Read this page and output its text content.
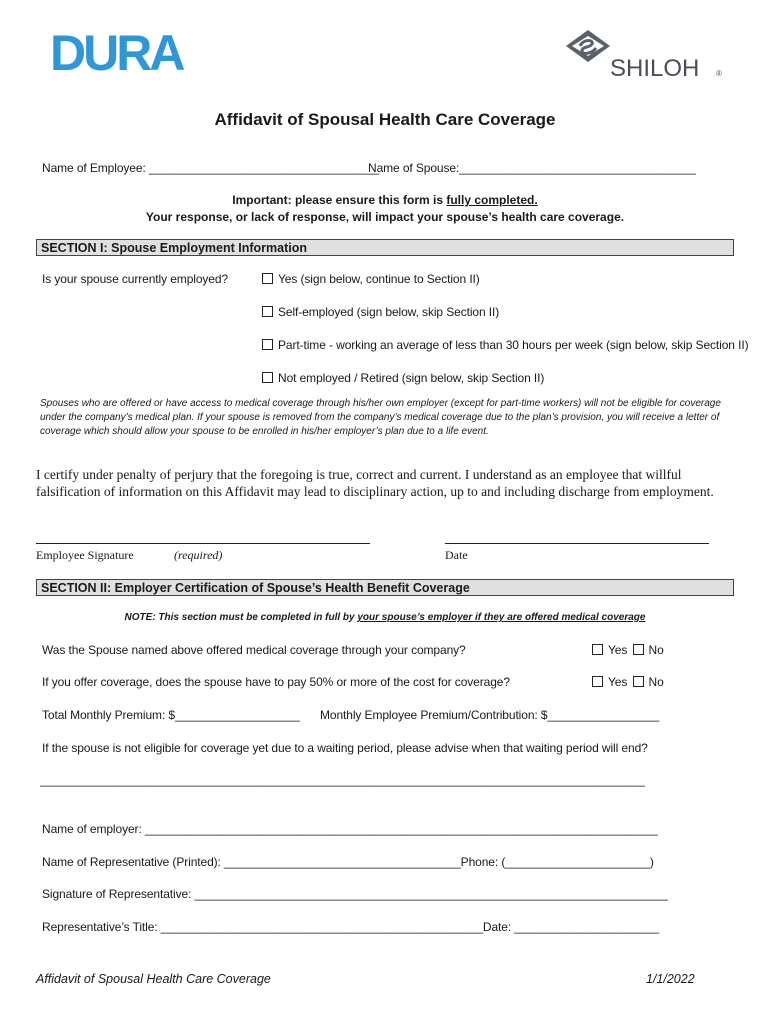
DURA	SHILOH ®
Affidavit of Spousal Health Care Coverage
Name of Employee: ___________________________________
Name of Spouse:____________________________________
Important: please ensure this form is fully completed.
Your response, or lack of response, will impact your spouse’s health care coverage.
SECTION I: Spouse Employment Information
Is your spouse currently employed?	Yes (sign below, continue to Section II)
Self-employed (sign below, skip Section II)
Part-time - working an average of less than 30 hours per week (sign below, skip Section II)
Not employed / Retired (sign below, skip Section II)
Spouses who are offered or have access to medical coverage through his/her own employer (except for part-time workers) will not be eligible for coverage under the company’s medical plan. If your spouse is removed from the company’s medical coverage due to the plan’s provision, you will receive a letter of coverage which should allow your spouse to be enrolled in his/her employer’s plan due to a life event.
I certify under penalty of perjury that the foregoing is true, correct and current. I understand as an employee that willful falsification of information on this Affidavit may lead to disciplinary action, up to and including discharge from employment.
Employee Signature	(required)	Date
SECTION II: Employer Certification of Spouse’s Health Benefit Coverage
NOTE: This section must be completed in full by your spouse’s employer if they are offered medical coverage
Was the Spouse named above offered medical coverage through your company?	Yes No
If you offer coverage, does the spouse have to pay 50% or more of the cost for coverage?	Yes No
Total Monthly Premium: $___________________ Monthly Employee Premium/Contribution: $_________________
If the spouse is not eligible for coverage yet due to a waiting period, please advise when that waiting period will end?
____________________________________________________________________________________________
Name of employer: ______________________________________________________________________________
Name of Representative (Printed): ____________________________________Phone: (______________________)
Signature of Representative: ________________________________________________________________________
Representative’s Title: _________________________________________________Date: ______________________
Affidavit of Spousal Health Care Coverage	1/1/2022
